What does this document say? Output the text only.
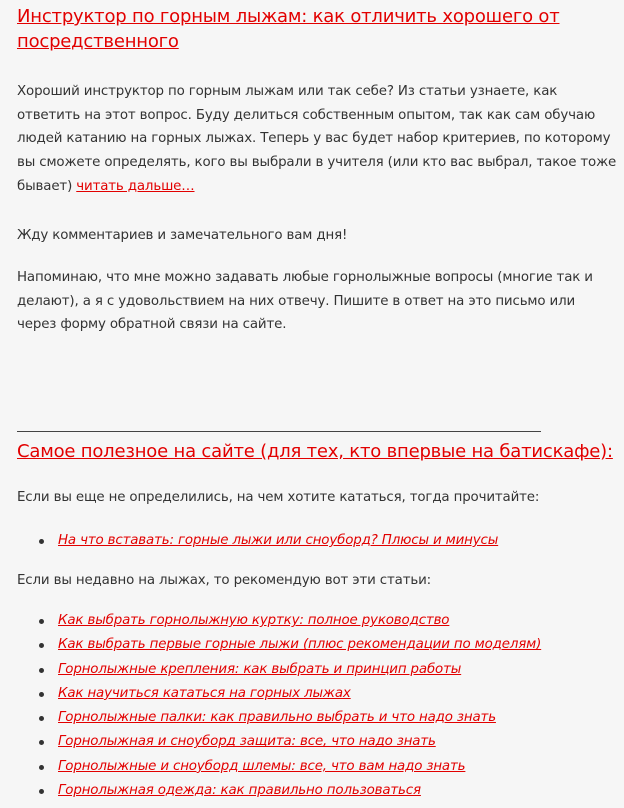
Инструктор по горным лыжам: как отличить хорошего от посредственного

Хороший инструктор по горным лыжам или так себе? Из статьи узнаете, как ответить на этот вопрос. Буду делиться собственным опытом, так как сам обучаю людей катанию на горных лыжах. Теперь у вас будет набор критериев, по которому вы сможете определять, кого вы выбрали в учителя (или кто вас выбрал, такое тоже бывает) читать дальше…

Жду комментариев и замечательного вам дня!

Напоминаю, что мне можно задавать любые горнолыжные вопросы (многие так и делают), а я с удовольствием на них отвечу. Пишите в ответ на это письмо или через форму обратной связи на сайте.

Самое полезное на сайте (для тех, кто впервые на батискафе):

Если вы еще не определились, на чем хотите кататься, тогда прочитайте:

На что вставать: горные лыжи или сноуборд? Плюсы и минусы

Если вы недавно на лыжах, то рекомендую вот эти статьи:

Как выбрать горнолыжную куртку: полное руководство
Как выбрать первые горные лыжи (плюс рекомендации по моделям)
Горнолыжные крепления: как выбрать и принцип работы
Как научиться кататься на горных лыжах
Горнолыжные палки: как правильно выбрать и что надо знать
Горнолыжная и сноуборд защита: все, что надо знать
Горнолыжные и сноуборд шлемы: все, что вам надо знать
Горнолыжная одежда: как правильно пользоваться
